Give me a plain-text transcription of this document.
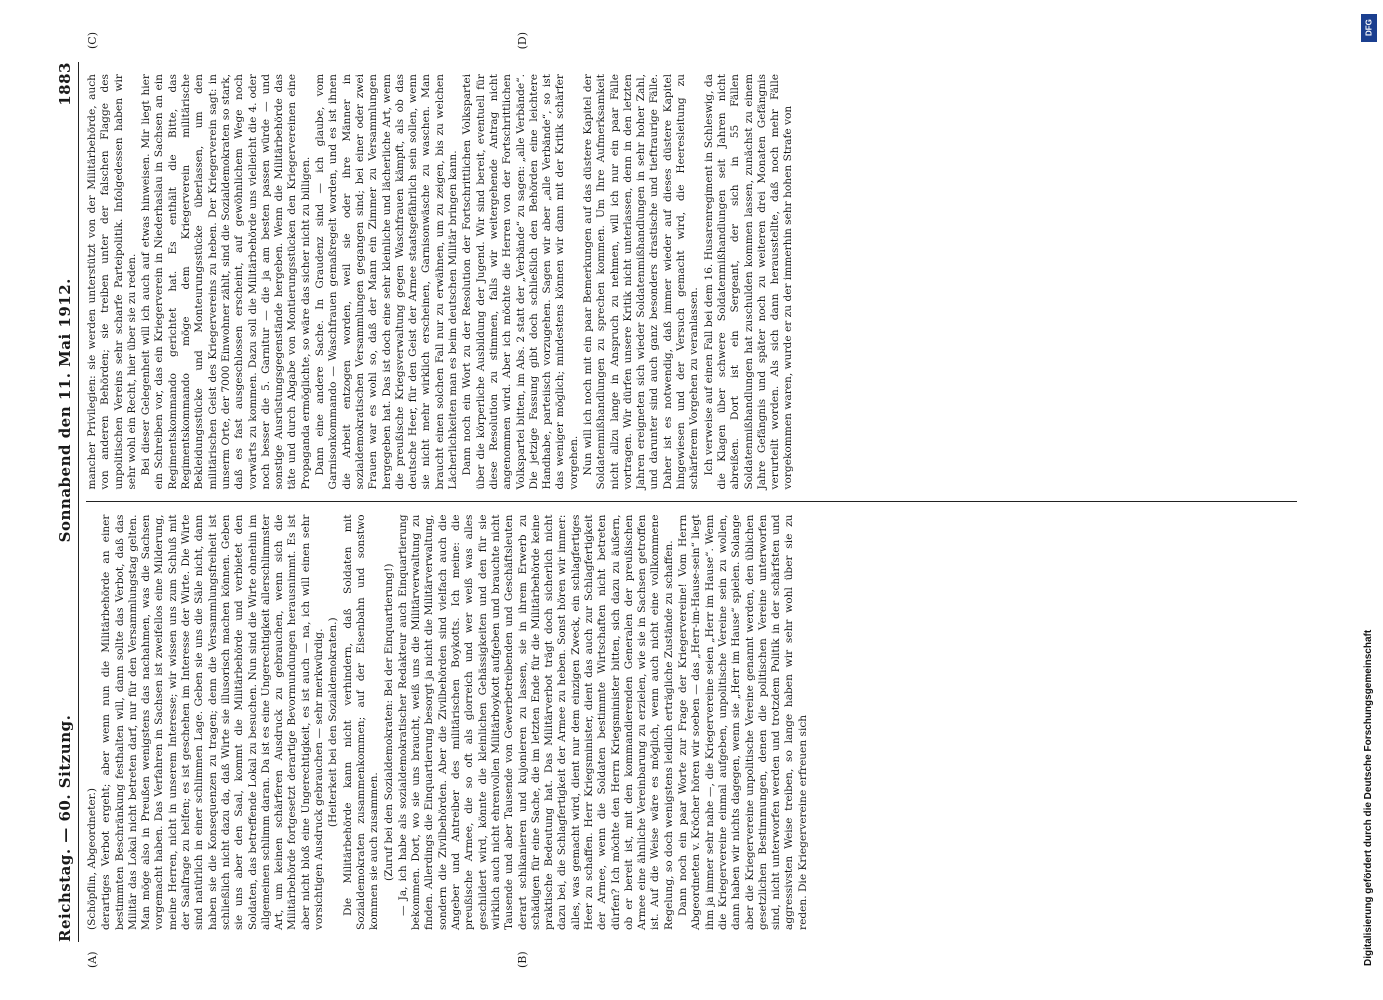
Reichstag. — 60. Sitzung.
Sonnabend den 11. Mai 1912.
1883
(A)	(B)

(Schöpflin, Abgeordneter.) derartiges Verbot ergeht; aber wenn nun die Militärbehörde an einer bestimmten Beschränkung festhalten will, dann sollte das Verbot, daß das Militär das Lokal nicht betreten darf, nur für den Versammlungstag gelten. Man möge also in Preußen wenigstens das nachahmen, was die Sachsen vorgemacht haben. Das Verfahren in Sachsen ist zweifellos eine Milderung, meine Herren, nicht in unserem Interesse; wir wissen uns zum Schluß mit der Saalfrage zu helfen; es ist geschehen im Interesse der Wirte. Die Wirte sind natürlich in einer schlimmen Lage. Geben sie uns die Säle nicht, dann haben sie die Konsequenzen zu tragen; denn die Versammlungsfreiheit ist schließlich nicht dazu da, daß Wirte sie illusorisch machen können. Geben sie uns aber den Saal, kommt die Militärbehörde und verbietet den Soldaten, das betreffende Lokal zu besuchen. Nun sind die Wirte ohnehin im allgemeinen schlimm daran. Da ist es eine Ungerechtigkeit allerschlimmster Art, um keinen schärferen Ausdruck zu gebrauchen, wenn sich die Militärbehörde fortgesetzt derartige Bevormundungen herausnimmt. Es ist aber nicht bloß eine Ungerechtigkeit, es ist auch — na, ich will einen sehr vorsichtigen Ausdruck gebrauchen — sehr merkwürdig. (Heiterkeit bei den Sozialdemokraten.) Die Militärbehörde kann nicht verhindern, daß Soldaten mit Sozialdemokraten zusammenkommen; auf der Eisenbahn und sonstwo kommen sie auch zusammen. (Zuruf bei den Sozialdemokraten: Bei der Einquartierung!) — Ja, ich habe als sozialdemokratischer Redakteur auch Einquartierung bekommen. Dort, wo sie uns braucht, weiß uns die Militärverwaltung zu finden. Allerdings die Einquartierung besorgt ja nicht die Militärverwaltung, sondern die Zivilbehörden. Aber die Zivilbehörden sind vielfach auch die Angeber und Antreiber des militärischen Boykotts. Ich meine: die preußische Armee, die so oft als glorreich und wer weiß was alles geschildert wird, könnte die kleinlichen Gehässigkeiten und den für sie wirklich auch nicht ehrenvollen Militärboykott aufgeben und brauchte nicht Tausende und aber Tausende von Gewerbetreibenden und Geschäftsleuten derart schikanieren und kujonieren zu lassen, sie in ihrem Erwerb zu schädigen für eine Sache, die im letzten Ende für die Militärbehörde keine praktische Bedeutung hat. Das Militärverbot trägt doch sicherlich nicht dazu bei, die Schlagfertigkeit der Armee zu heben. Sonst hören wir immer: alles, was gemacht wird, dient nur dem einzigen Zweck, ein schlagfertiges Heer zu schaffen. Herr Kriegsminister, dient das auch zur Schlagfertigkeit der Armee, wenn die Soldaten bestimmte Wirtschaften nicht betreten dürfen? Ich möchte den Herrn Kriegsminister bitten, sich dazu zu äußern, ob er bereit ist, mit den kommandierenden Generalen der preußischen Armee eine ähnliche Vereinbarung zu erzielen, wie sie in Sachsen getroffen ist. Auf die Weise wäre es möglich, wenn auch nicht eine vollkommene Regelung, so doch wenigstens leidlich erträgliche Zustände zu schaffen. Dann noch ein paar Worte zur Frage der Kriegervereine! Vom Herrn Abgeordneten v. Kröcher hören wir soeben — das „Herr-im-Hause-sein“ liegt ihm ja immer sehr nahe —, die Kriegervereine seien „Herr im Hause“. Wenn die Kriegervereine einmal aufgeben, unpolitische Vereine sein zu wollen, dann haben wir nichts dagegen, wenn sie „Herr im Hause“ spielen. Solange aber die Kriegervereine unpolitische Vereine genannt werden, den üblichen gesetzlichen Bestimmungen, denen die politischen Vereine unterworfen sind, nicht unterworfen werden und trotzdem Politik in der schärfsten und aggressivsten Weise treiben, so lange haben wir sehr wohl über sie zu reden. Die Kriegervereine erfreuen sich

(C)	(D)

mancher Privilegien: sie werden unterstützt von der Militärbehörde, auch von anderen Behörden; sie treiben unter der falschen Flagge des unpolitischen Vereins sehr scharfe Parteipolitik. Infolgedessen haben wir sehr wohl ein Recht, hier über sie zu reden. Bei dieser Gelegenheit will ich auch auf etwas hinweisen. Mir liegt hier ein Schreiben vor, das ein Kriegerverein in Niederhaslau in Sachsen an ein Regimentskommando gerichtet hat. Es enthält die Bitte, das Regimentskommando möge dem Kriegerverein militärische Bekleidungsstücke und Monteurungsstücke überlassen, um den militärischen Geist des Kriegervereins zu heben. Der Kriegerverein sagt: in unserm Orte, der 7000 Einwohner zählt, sind die Sozialdemokraten so stark, daß es fast ausgeschlossen erscheint, auf gewöhnlichem Wege noch vorwärts zu kommen. Dazu soll die Militärbehörde uns vielleicht die 4. oder noch besser die 5. Garnitur — die ja am besten passen würde — und sonstige Ausrüstungsgegenstände hergeben. Wenn die Militärbehörde das täte und durch Abgabe von Montierungsstücken den Kriegervereinen eine Propaganda ermöglichte, so wäre das sicher nicht zu billigen. Dann eine andere Sache. In Graudenz sind — ich glaube, vom Garnisonkommando — Waschfrauen gemaßregelt worden, und es ist ihnen die Arbeit entzogen worden, weil sie oder ihre Männer in sozialdemokratischen Versammlungen gegangen sind; bei einer oder zwei Frauen war es wohl so, daß der Mann ein Zimmer zu Versammlungen hergegeben hat. Das ist doch eine sehr kleinliche und lächerliche Art, wenn die preußische Kriegsverwaltung gegen Waschfrauen kämpft, als ob das deutsche Heer, für den Geist der Armee staatsgefährlich sein sollen, wenn sie nicht mehr wirklich erscheinen, Garnisonwäsche zu waschen. Man braucht einen solchen Fall nur zu erwähnen, um zu zeigen, bis zu welchen Lächerlichkeiten man es beim deutschen Militär bringen kann. Dann noch ein Wort zu der Resolution der Fortschrittlichen Volkspartei über die körperliche Ausbildung der Jugend. Wir sind bereit, eventuell für diese Resolution zu stimmen, falls wir weitergehende Antrag nicht angenommen wird. Aber ich möchte die Herren von der Fortschrittlichen Volkspartei bitten, im Abs. 2 statt der „Verbände“ zu sagen: „alle Verbände“. Die jetzige Fassung gibt doch schließlich den Behörden eine leichtere Handhabe, parteiisch vorzugehen. Sagen wir aber „alle Verbände“, so ist das weniger möglich; mindestens können wir dann mit der Kritik schärfer vorgehen. Nun will ich noch mit ein paar Bemerkungen auf das düstere Kapitel der Soldatenmißhandlungen zu sprechen kommen. Um Ihre Aufmerksamkeit nicht allzu lange in Anspruch zu nehmen, will ich nur ein paar Fälle vortragen. Wir dürfen unsere Kritik nicht unterlassen, denn in den letzten Jahren ereigneten sich wieder Soldatenmißhandlungen in sehr hoher Zahl, und darunter sind auch ganz besonders drastische und tieftraurige Fälle. Daher ist es notwendig, daß immer wieder auf dieses düstere Kapitel hingewiesen und der Versuch gemacht wird, die Heeresleitung zu schärferem Vorgehen zu veranlassen. Ich verweise auf einen Fall bei dem 16. Husarenregiment in Schleswig, da die Klagen über schwere Soldatenmißhandlungen seit Jahren nicht abreißen. Dort ist ein Sergeant, der sich in 55 Fällen Soldatenmißhandlungen hat zuschulden kommen lassen, zunächst zu einem Jahre Gefängnis und später noch zu weiteren drei Monaten Gefängnis verurteilt worden. Als sich dann herausstellte, daß noch mehr Fälle vorgekommen waren, wurde er zu der immerhin sehr hohen Strafe von

DFG
Digitalisierung gefördert durch die Deutsche Forschungsgemeinschaft
